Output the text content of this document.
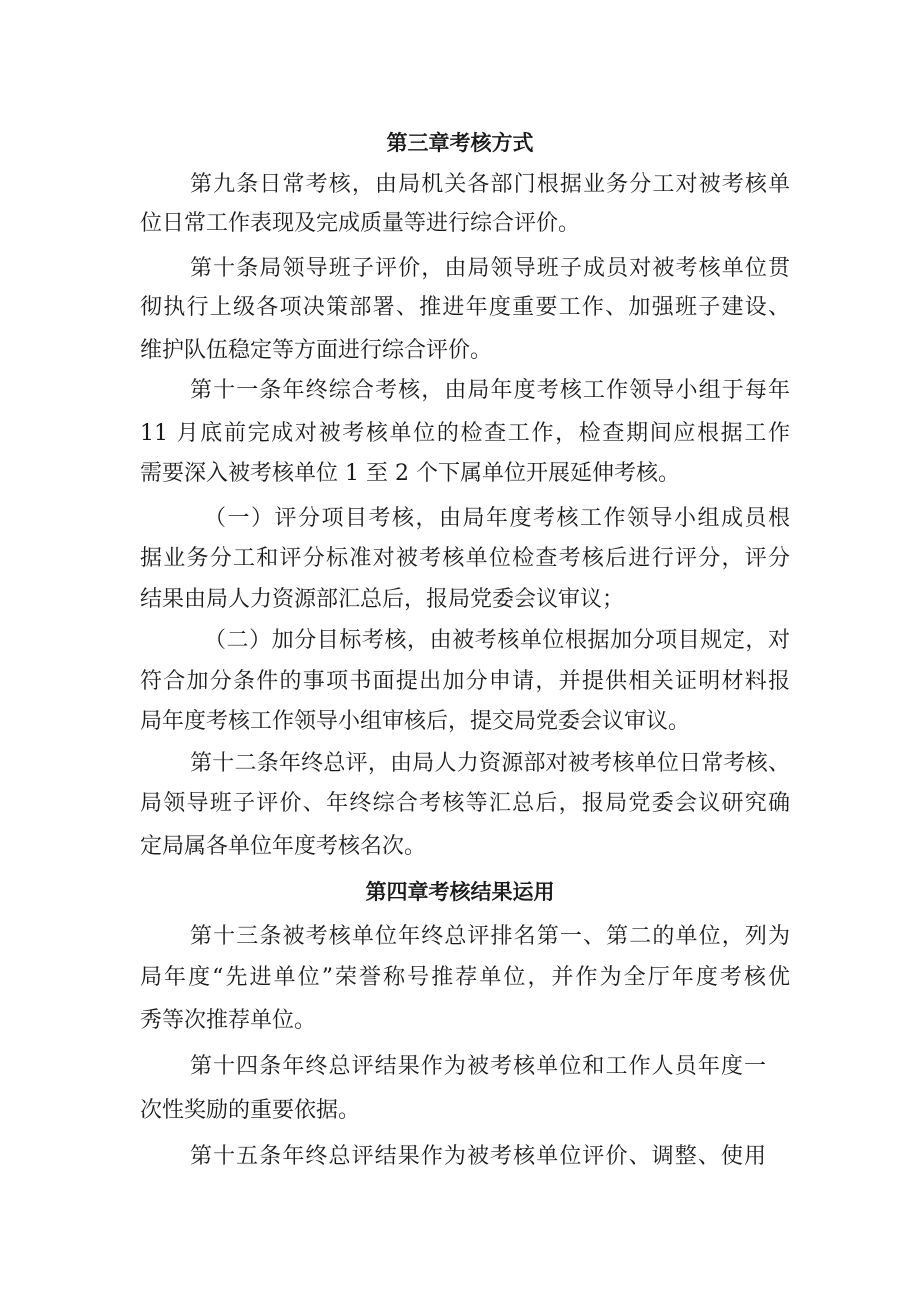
第三章考核方式
第九条日常考核，由局机关各部门根据业务分工对被考核单
位日常工作表现及完成质量等进行综合评价。
第十条局领导班子评价，由局领导班子成员对被考核单位贯
彻执行上级各项决策部署、推进年度重要工作、加强班子建设、
维护队伍稳定等方面进行综合评价。
第十一条年终综合考核，由局年度考核工作领导小组于每年
11 月底前完成对被考核单位的检查工作，检查期间应根据工作
需要深入被考核单位 1 至 2 个下属单位开展延伸考核。
（一）评分项目考核，由局年度考核工作领导小组成员根
据业务分工和评分标准对被考核单位检查考核后进行评分，评分
结果由局人力资源部汇总后，报局党委会议审议；
（二）加分目标考核，由被考核单位根据加分项目规定，对
符合加分条件的事项书面提出加分申请，并提供相关证明材料报
局年度考核工作领导小组审核后，提交局党委会议审议。
第十二条年终总评，由局人力资源部对被考核单位日常考核、
局领导班子评价、年终综合考核等汇总后，报局党委会议研究确
定局属各单位年度考核名次。
第四章考核结果运用
第十三条被考核单位年终总评排名第一、第二的单位，列为
局年度“先进单位”荣誉称号推荐单位，并作为全厅年度考核优
秀等次推荐单位。
第十四条年终总评结果作为被考核单位和工作人员年度一
次性奖励的重要依据。
第十五条年终总评结果作为被考核单位评价、调整、使用
